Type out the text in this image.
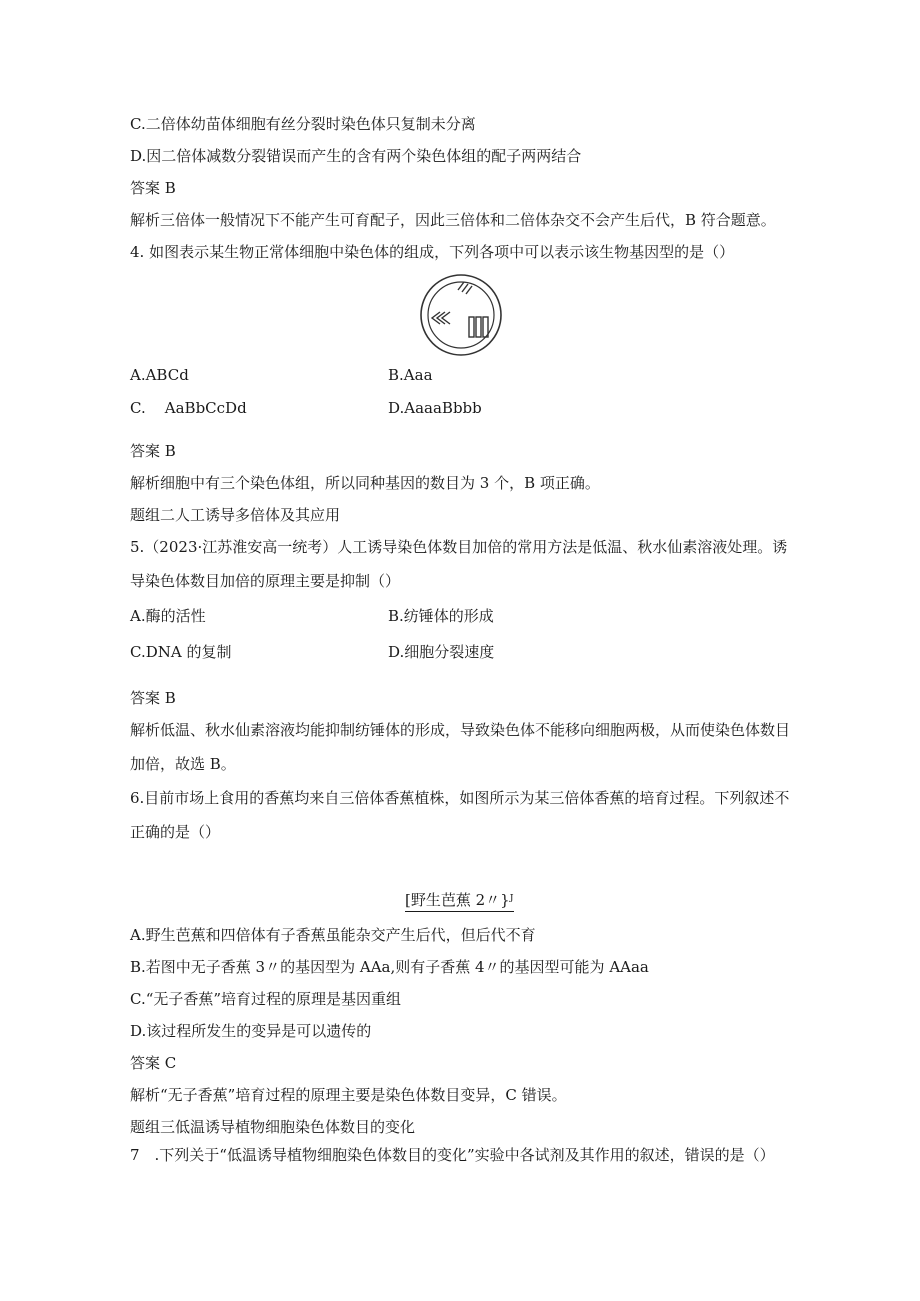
C.二倍体幼苗体细胞有丝分裂时染色体只复制未分离
D.因二倍体减数分裂错误而产生的含有两个染色体组的配子两两结合
答案 B
解析三倍体一般情况下不能产生可育配子，因此三倍体和二倍体杂交不会产生后代，B 符合题意。
4. 如图表示某生物正常体细胞中染色体的组成，下列各项中可以表示该生物基因型的是（）
A.ABCd	B.Aaa
C.    AaBbCcDd	D.AaaaBbbb
答案 B
解析细胞中有三个染色体组，所以同种基因的数目为 3 个，B 项正确。
题组二人工诱导多倍体及其应用
5.（2023·江苏淮安高一统考）人工诱导染色体数目加倍的常用方法是低温、秋水仙素溶液处理。诱导染色体数目加倍的原理主要是抑制（）
A.酶的活性	B.纺锤体的形成
C.DNA 的复制	D.细胞分裂速度
答案 B
解析低温、秋水仙素溶液均能抑制纺锤体的形成，导致染色体不能移向细胞两极，从而使染色体数目加倍，故选 B。
6.目前市场上食用的香蕉均来自三倍体香蕉植株，如图所示为某三倍体香蕉的培育过程。下列叙述不正确的是（）
[野生芭蕉 2〃}ᴶ
A.野生芭蕉和四倍体有子香蕉虽能杂交产生后代，但后代不育
B.若图中无子香蕉 3〃的基因型为 AAa,则有子香蕉 4〃的基因型可能为 AAaa
C.“无子香蕉”培育过程的原理是基因重组
D.该过程所发生的变异是可以遗传的
答案 C
解析“无子香蕉”培育过程的原理主要是染色体数目变异，C 错误。
题组三低温诱导植物细胞染色体数目的变化
7　.下列关于“低温诱导植物细胞染色体数目的变化”实验中各试剂及其作用的叙述，错误的是（）
